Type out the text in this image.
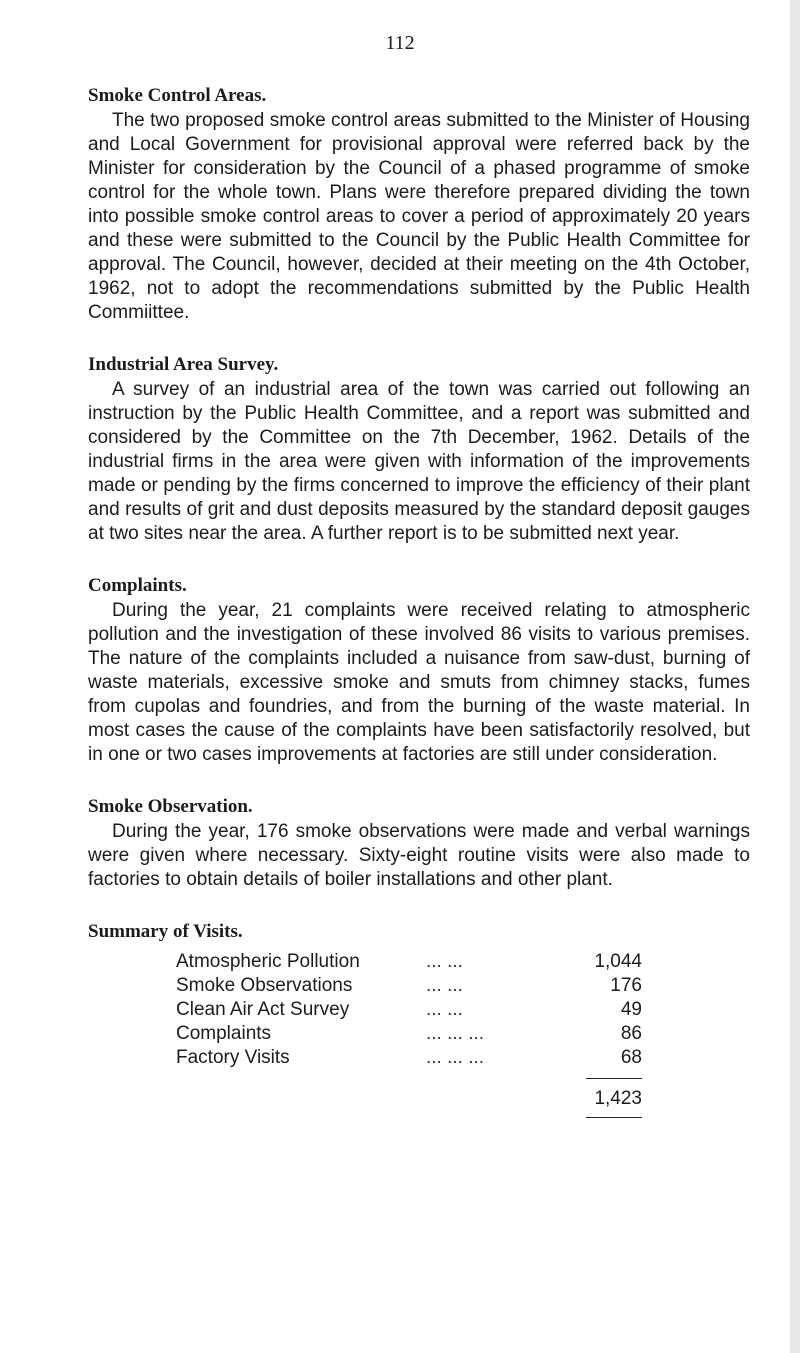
112
Smoke Control Areas.

The two proposed smoke control areas submitted to the Minister of Housing and Local Government for provisional approval were referred back by the Minister for consideration by the Council of a phased programme of smoke control for the whole town. Plans were therefore prepared dividing the town into possible smoke control areas to cover a period of approximately 20 years and these were submitted to the Council by the Public Health Committee for approval. The Council, however, decided at their meeting on the 4th October, 1962, not to adopt the recommendations submitted by the Public Health Commiittee.

Industrial Area Survey.

A survey of an industrial area of the town was carried out following an instruction by the Public Health Committee, and a report was submitted and considered by the Committee on the 7th December, 1962. Details of the industrial firms in the area were given with information of the improvements made or pending by the firms concerned to improve the efficiency of their plant and results of grit and dust deposits measured by the standard deposit gauges at two sites near the area. A further report is to be submitted next year.

Complaints.

During the year, 21 complaints were received relating to atmospheric pollution and the investigation of these involved 86 visits to various premises. The nature of the complaints included a nuisance from saw-dust, burning of waste materials, excessive smoke and smuts from chimney stacks, fumes from cupolas and foundries, and from the burning of the waste material. In most cases the cause of the complaints have been satisfactorily resolved, but in one or two cases improvements at factories are still under consideration.

Smoke Observation.

During the year, 176 smoke observations were made and verbal warnings were given where necessary. Sixty-eight routine visits were also made to factories to obtain details of boiler installations and other plant.

Summary of Visits.
Atmospheric Pollution	... ...	1,044
Smoke Observations	... ...	176
Clean Air Act Survey	... ...	49
Complaints	... ... ...	86
Factory Visits	... ... ...	68
1,423
